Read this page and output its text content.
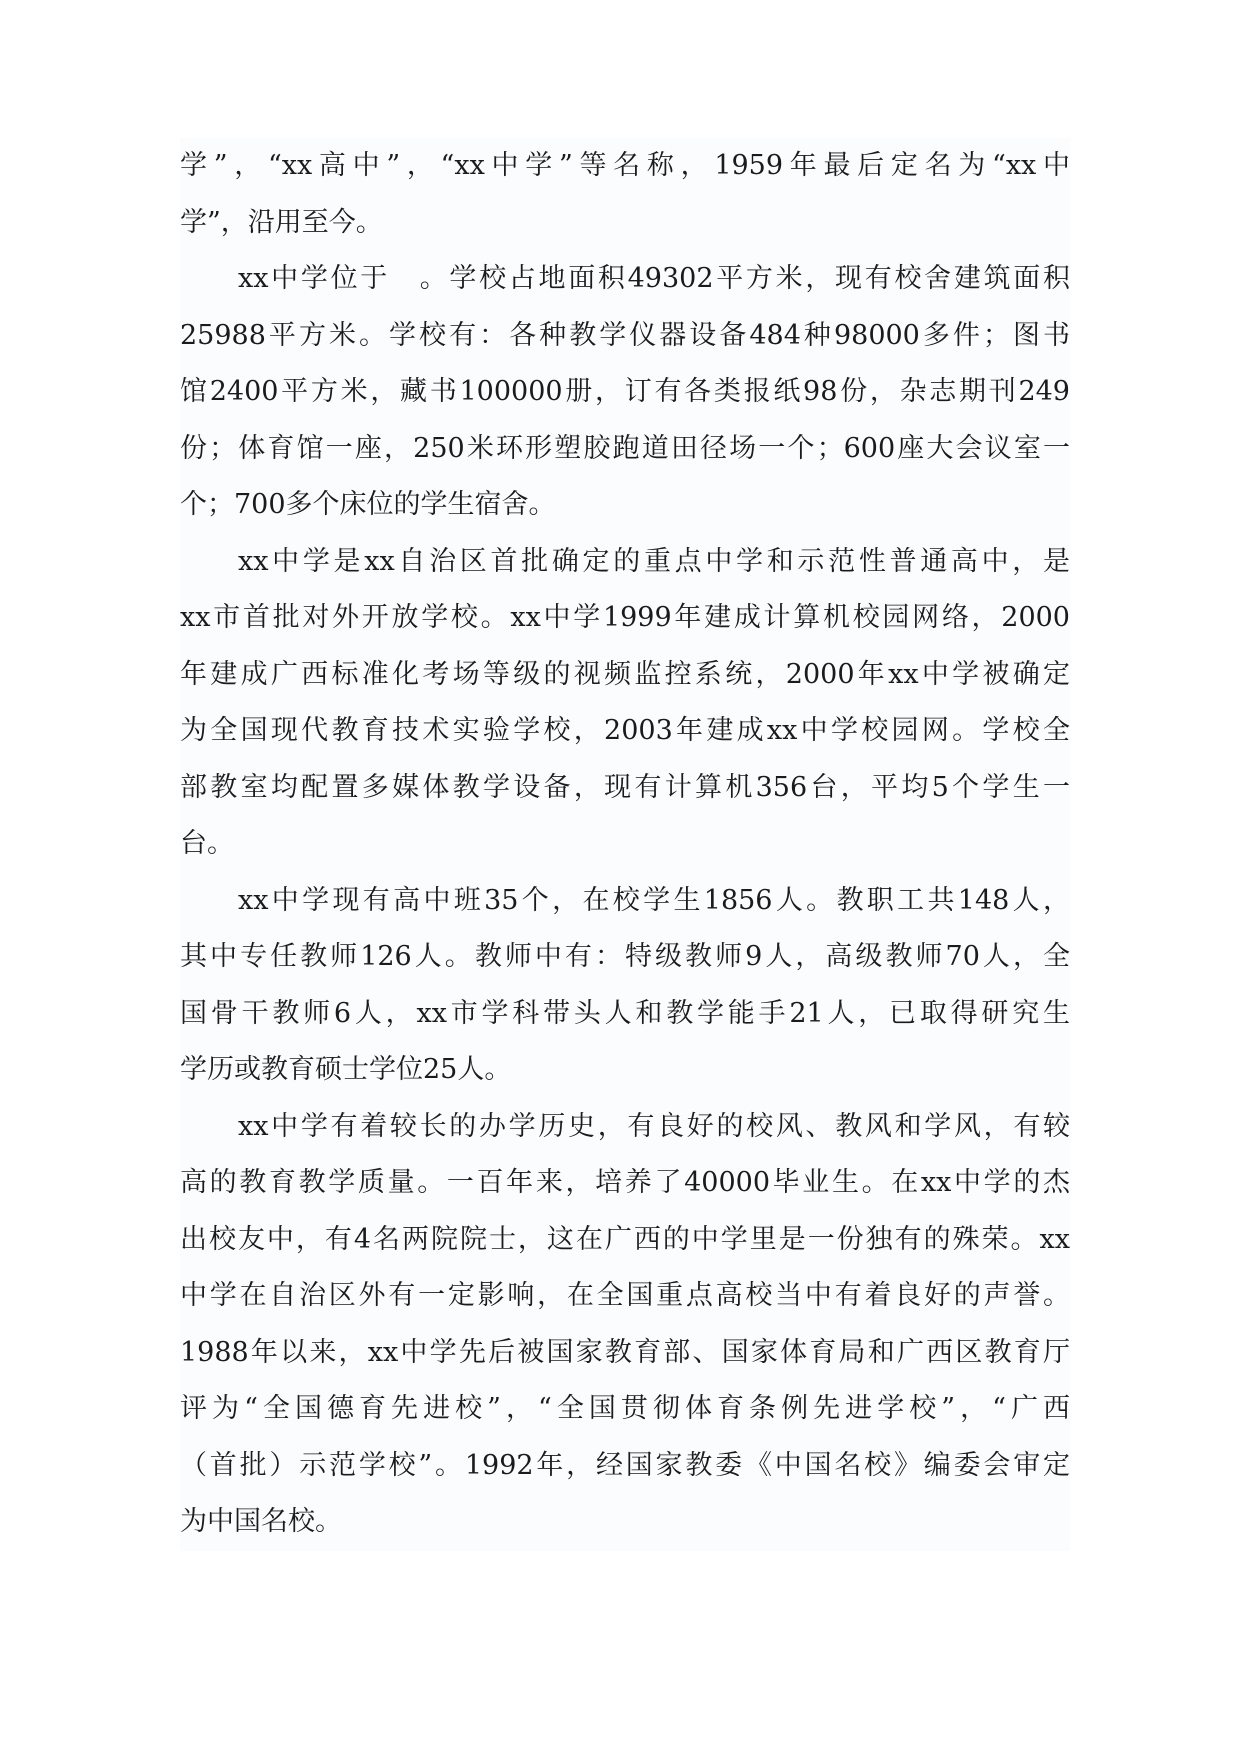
学”，“xx高中”，“xx中学”等名称，1959年最后定名为“xx中

学”，沿用至今。

xx中学位于　。学校占地面积49302平方米，现有校舍建筑面积

25988平方米。学校有：各种教学仪器设备484种98000多件；图书

馆2400平方米，藏书100000册，订有各类报纸98份，杂志期刊249

份；体育馆一座，250米环形塑胶跑道田径场一个；600座大会议室一

个；700多个床位的学生宿舍。

xx中学是xx自治区首批确定的重点中学和示范性普通高中，是

xx市首批对外开放学校。xx中学1999年建成计算机校园网络，2000

年建成广西标准化考场等级的视频监控系统，2000年xx中学被确定

为全国现代教育技术实验学校，2003年建成xx中学校园网。学校全

部教室均配置多媒体教学设备，现有计算机356台，平均5个学生一

台。

xx中学现有高中班35个，在校学生1856人。教职工共148人，

其中专任教师126人。教师中有：特级教师9人，高级教师70人，全

国骨干教师6人，xx市学科带头人和教学能手21人，已取得研究生

学历或教育硕士学位25人。

xx中学有着较长的办学历史，有良好的校风、教风和学风，有较

高的教育教学质量。一百年来，培养了40000毕业生。在xx中学的杰

出校友中，有4名两院院士，这在广西的中学里是一份独有的殊荣。xx

中学在自治区外有一定影响，在全国重点高校当中有着良好的声誉。

1988年以来，xx中学先后被国家教育部、国家体育局和广西区教育厅

评为“全国德育先进校”，“全国贯彻体育条例先进学校”，“广西

（首批）示范学校”。1992年，经国家教委《中国名校》编委会审定

为中国名校。
